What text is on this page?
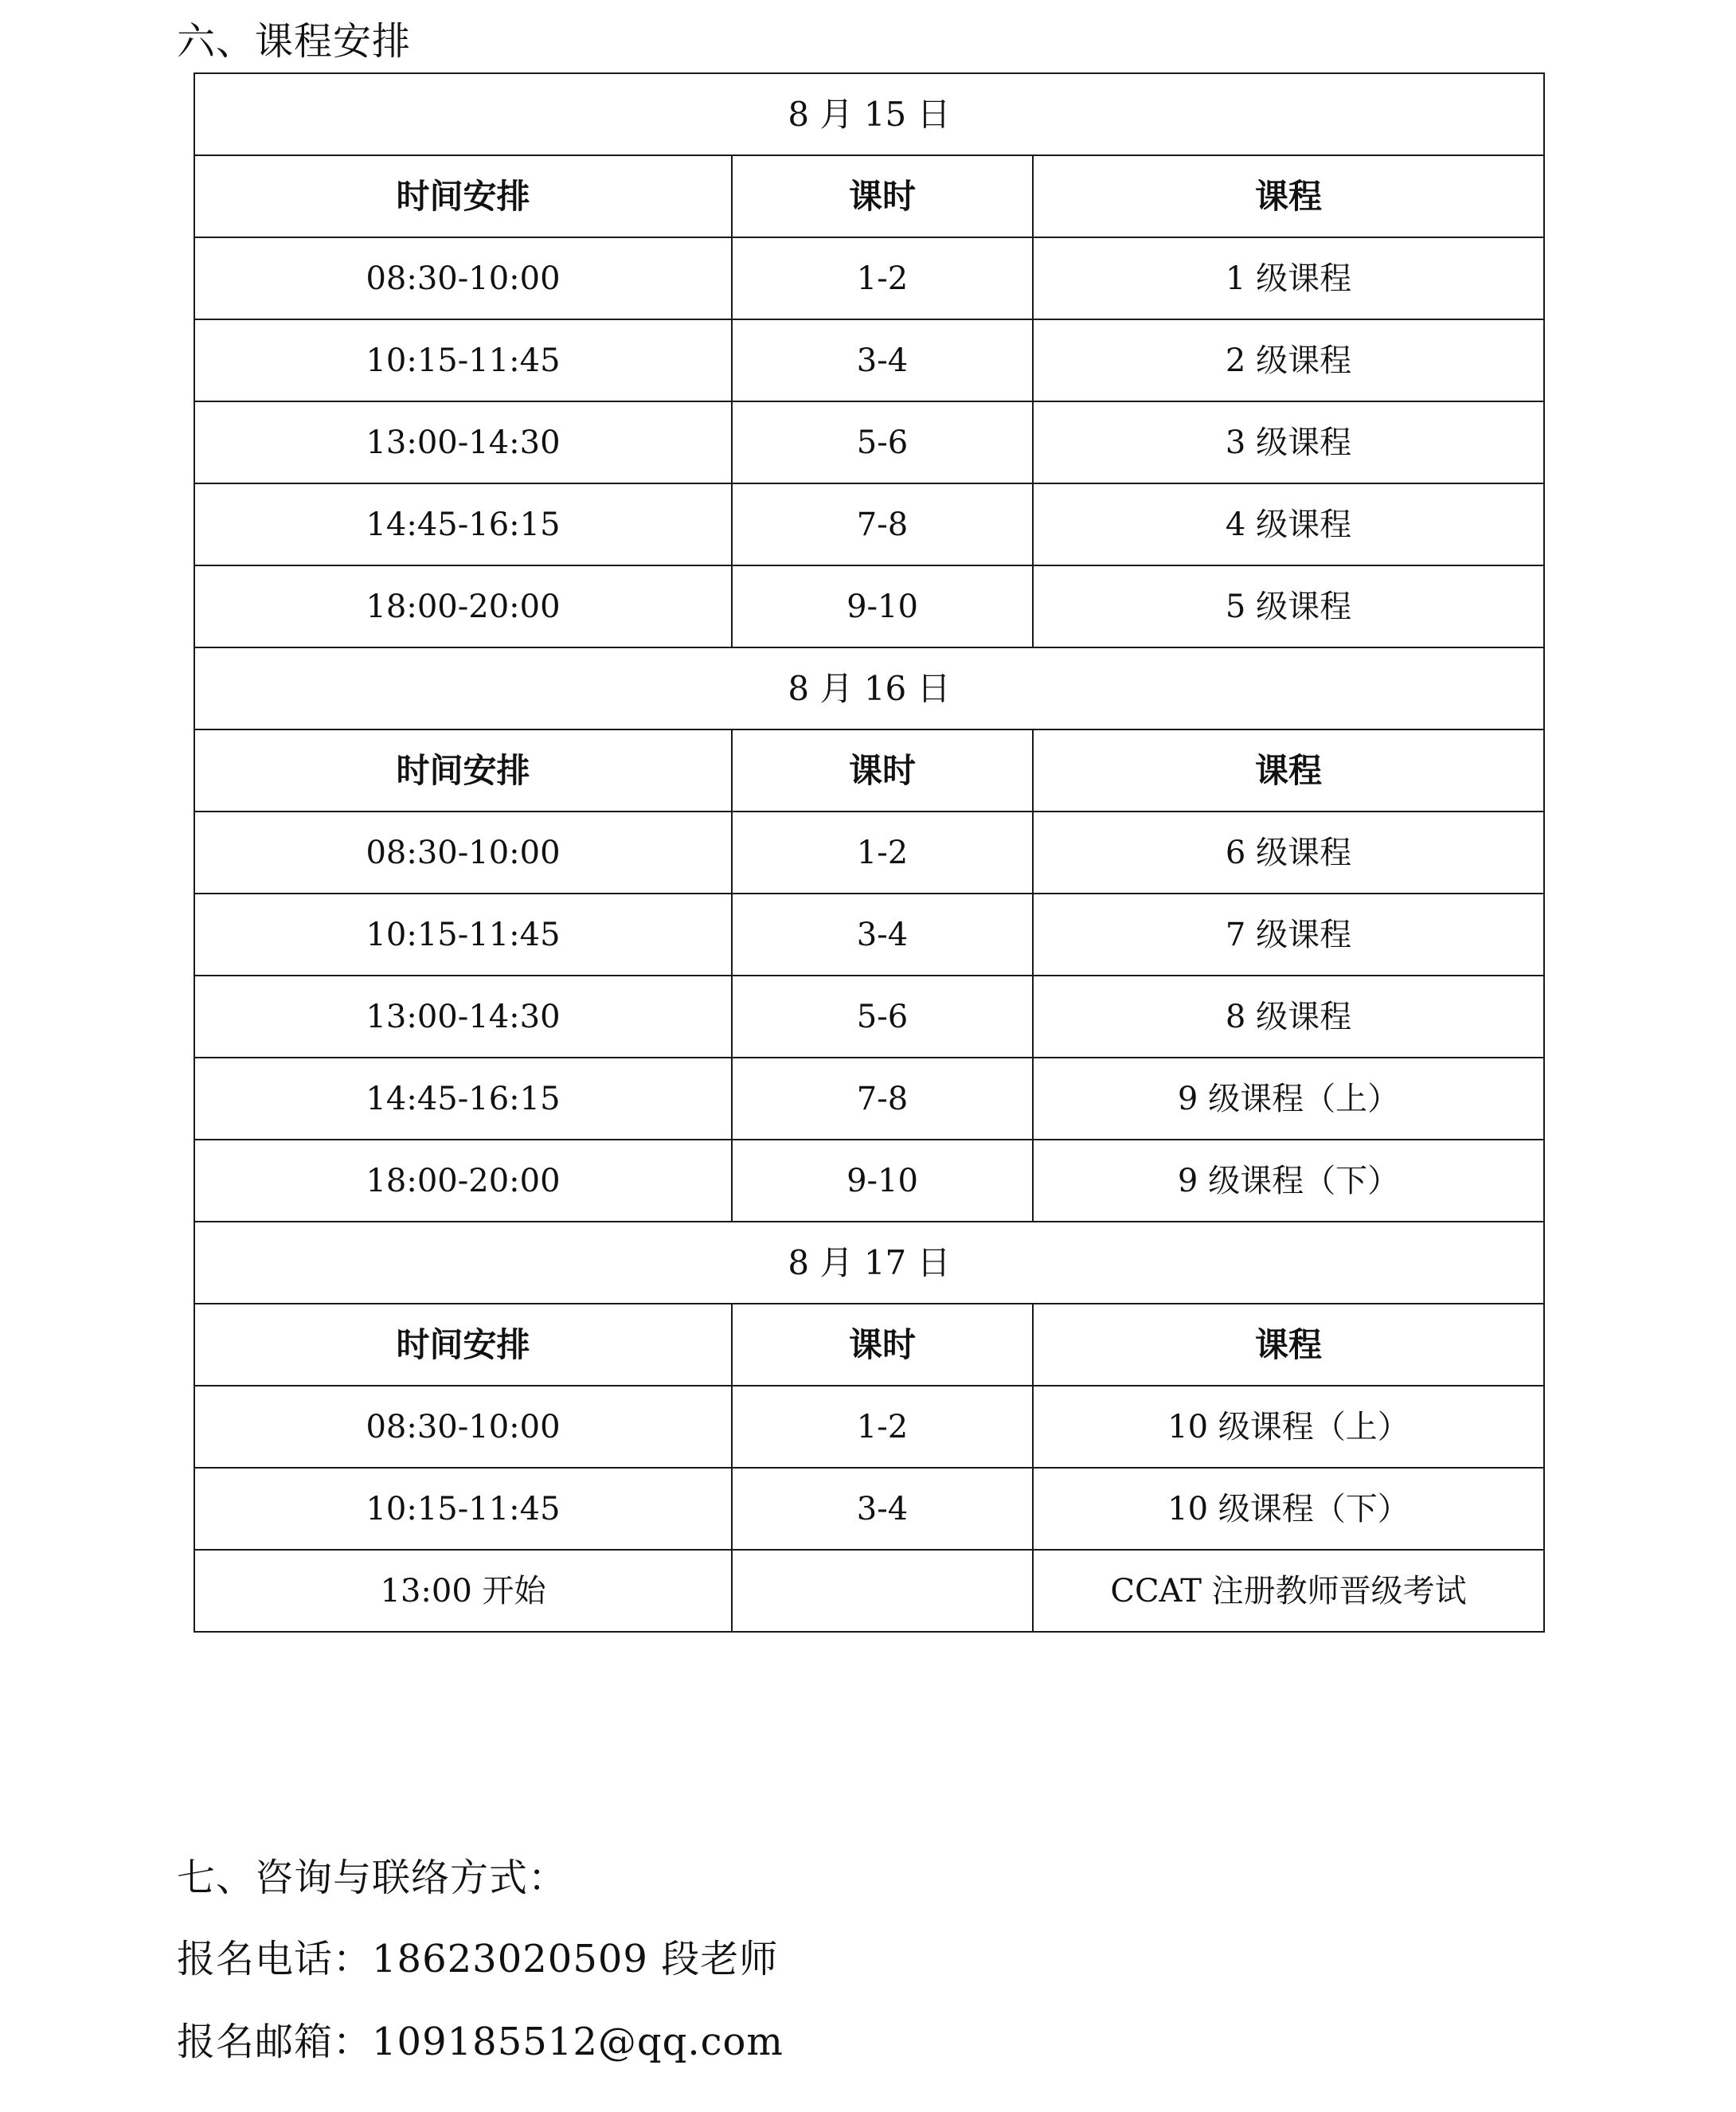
六、课程安排
8 月 15 日		
时间安排	课时	课程
08:30-10:00	1-2	1 级课程
10:15-11:45	3-4	2 级课程
13:00-14:30	5-6	3 级课程
14:45-16:15	7-8	4 级课程
18:00-20:00	9-10	5 级课程
8 月 16 日		
时间安排	课时	课程
08:30-10:00	1-2	6 级课程
10:15-11:45	3-4	7 级课程
13:00-14:30	5-6	8 级课程
14:45-16:15	7-8	9 级课程（上）
18:00-20:00	9-10	9 级课程（下）
8 月 17 日		
时间安排	课时	课程
08:30-10:00	1-2	10 级课程（上）
10:15-11:45	3-4	10 级课程（下）
13:00 开始		CCAT 注册教师晋级考试
七、咨询与联络方式：

报名电话：18623020509 段老师

报名邮箱：109185512@qq.com
